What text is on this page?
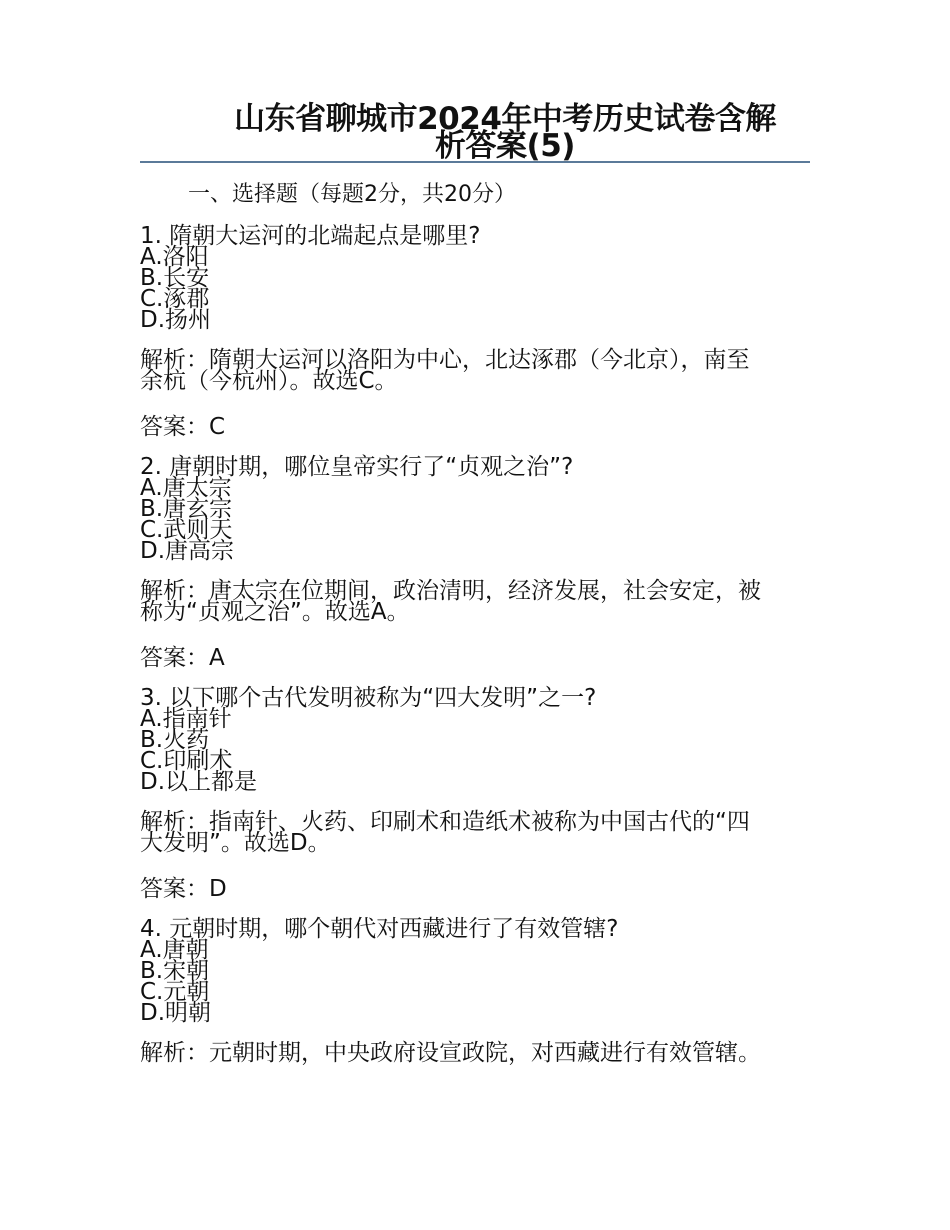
山东省聊城市2024年中考历史试卷含解
析答案(5)
一、选择题（每题2分，共20分）
1. 隋朝大运河的北端起点是哪里?
A.洛阳
B.长安
C.涿郡
D.扬州
解析：隋朝大运河以洛阳为中心，北达涿郡（今北京），南至
余杭（今杭州）。故选C。
答案：C
2. 唐朝时期，哪位皇帝实行了“贞观之治”?
A.唐太宗
B.唐玄宗
C.武则天
D.唐高宗
解析：唐太宗在位期间，政治清明，经济发展，社会安定，被
称为“贞观之治”。故选A。
答案：A
3. 以下哪个古代发明被称为“四大发明”之一?
A.指南针
B.火药
C.印刷术
D.以上都是
解析：指南针、火药、印刷术和造纸术被称为中国古代的“四
大发明”。故选D。
答案：D
4. 元朝时期，哪个朝代对西藏进行了有效管辖?
A.唐朝
B.宋朝
C.元朝
D.明朝
解析：元朝时期，中央政府设宣政院，对西藏进行有效管辖。
